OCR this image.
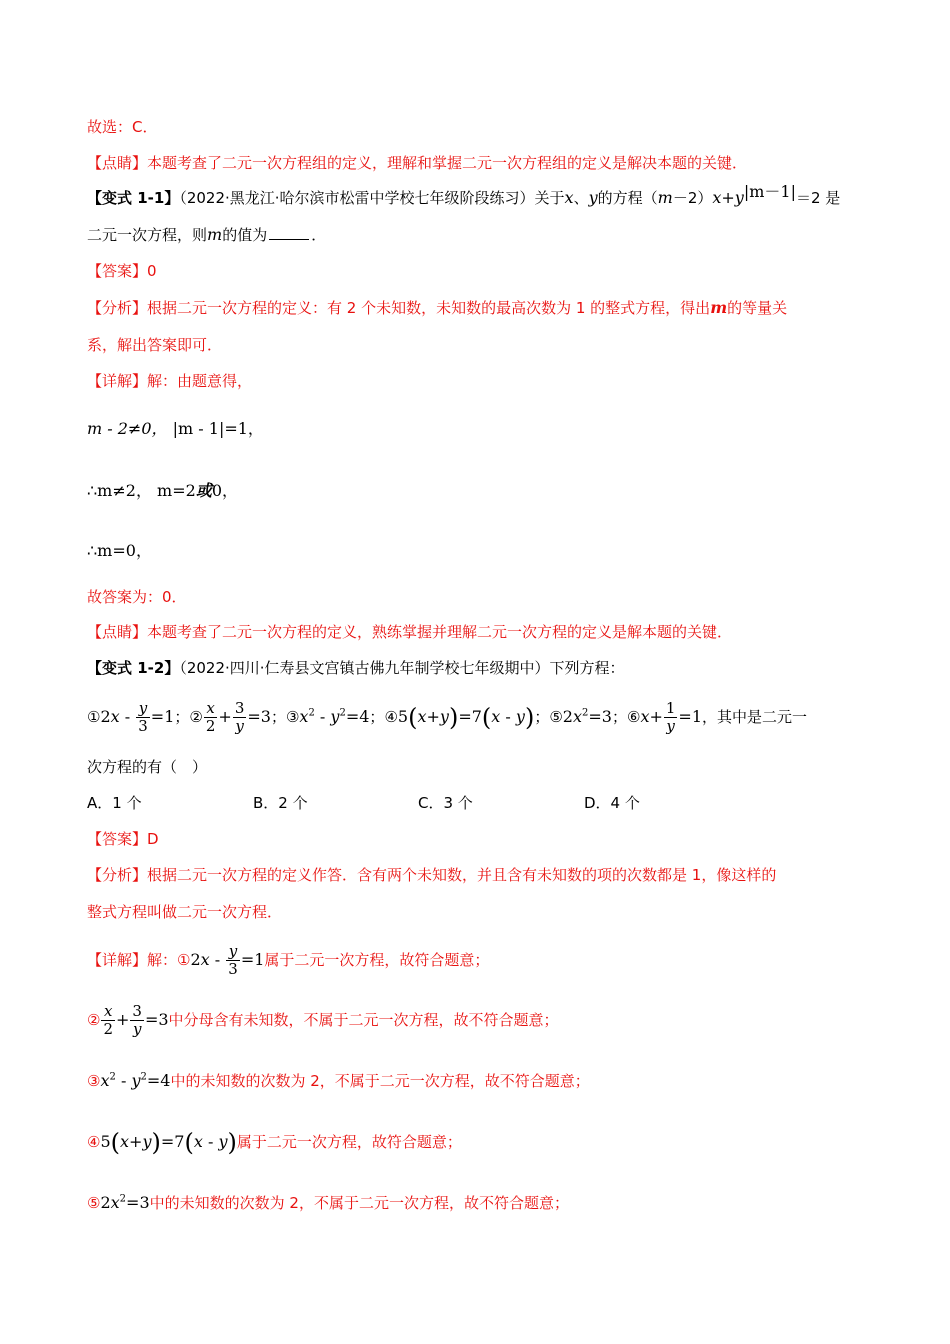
故选：C．
【点睛】本题考查了二元一次方程组的定义，理解和掌握二元一次方程组的定义是解决本题的关键．
【变式 1-1】（2022·黑龙江·哈尔滨市松雷中学校七年级阶段练习）关于x、y的方程$(m-2)x+y^{|m-1|}=2$ 是
二元一次方程，则m的值为	．
【答案】0
【分析】根据二元一次方程的定义：有 2 个未知数，未知数的最高次数为 1 的整式方程，得出m的等量关
系，解出答案即可．
【详解】解：由题意得，
m - 2≠0， |m - 1|=1，
∴m≠2， m=2或0，
∴m=0，
故答案为：0．
【点睛】本题考查了二元一次方程的定义，熟练掌握并理解二元一次方程的定义是解本题的关键．
【变式 1-2】（2022·四川·仁寿县文宫镇古佛九年制学校七年级期中）下列方程：
①2x - $\frac{y}{3} =1$；② $\frac{x}{2} + \frac{3}{y} =3$；$③x^2 - y^2=4$；④5(x+y)=7(x - y)；$⑤2x^2=3$；⑥x+ $\frac{1}{y} =1$，其中是二元一
次方程的有（　）
A．1 个	B．2 个	C．3 个	D．4 个
【答案】D
【分析】根据二元一次方程的定义作答．含有两个未知数，并且含有未知数的项的次数都是 1，像这样的
整式方程叫做二元一次方程．
【详解】解：①2x - $\frac{y}{3} =1$属于二元一次方程，故符合题意；
② $\frac{x}{2} + \frac{3}{y} =3$中分母含有未知数，不属于二元一次方程，故不符合题意；
$③x^2 - y^2=4$中的未知数的次数为 2，不属于二元一次方程，故不符合题意；
④5(x+y)=7(x - y)属于二元一次方程，故符合题意；
$⑤2x^2=3$中的未知数的次数为 2，不属于二元一次方程，故不符合题意；
